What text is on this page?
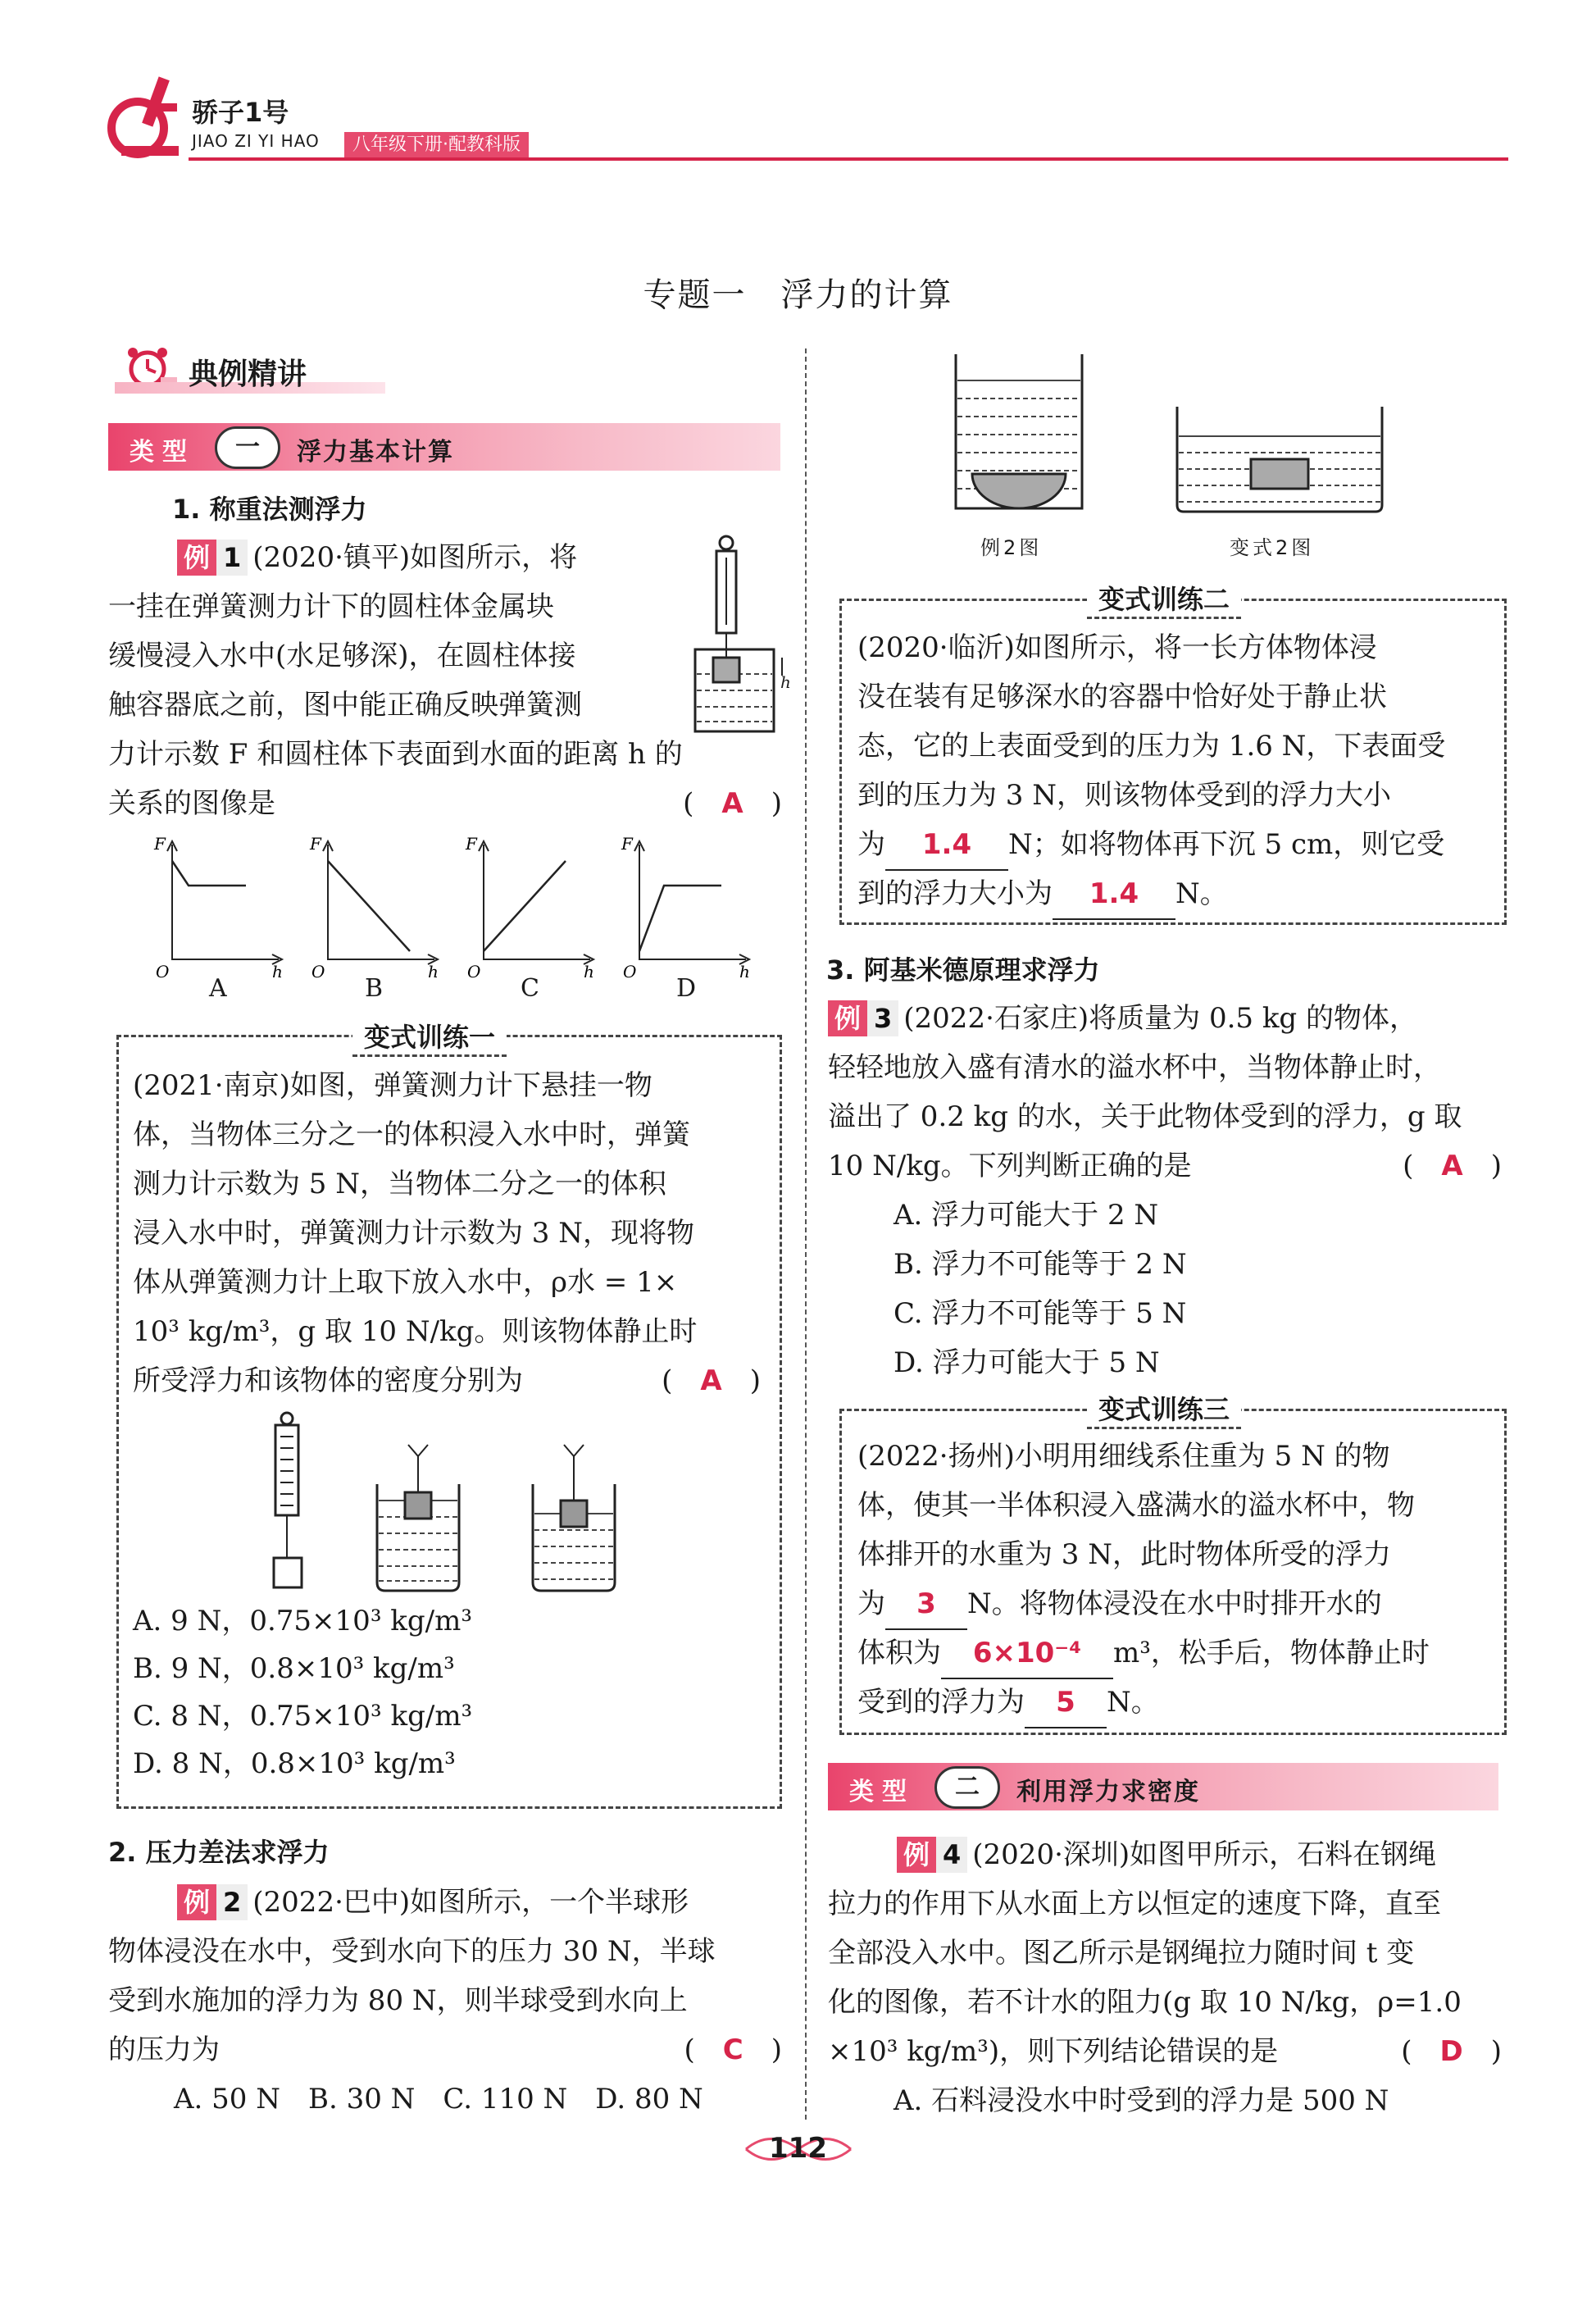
骄子1号
JIAO ZI YI HAO	八年级下册·配教科版
专题一　浮力的计算
典例精讲
类型	一	浮力基本计算
1. 称重法测浮力
例 1 (2020·镇平)如图所示，将
一挂在弹簧测力计下的圆柱体金属块
缓慢浸入水中(水足够深)，在圆柱体接
触容器底之前，图中能正确反映弹簧测
力计示数 F 和圆柱体下表面到水面的距离 h 的
关系的图像是	(　A　)
h
F
h
O
F
h
O
F
h
O
F
h
O
A	B	C	D
变式训练一
(2021·南京)如图，弹簧测力计下悬挂一物
体，当物体三分之一的体积浸入水中时，弹簧
测力计示数为 5 N，当物体二分之一的体积
浸入水中时，弹簧测力计示数为 3 N，现将物
体从弹簧测力计上取下放入水中，ρ水 = 1×
10³ kg/m³，g 取 10 N/kg。则该物体静止时
所受浮力和该物体的密度分别为	(　A　)
A. 9 N，0.75×10³ kg/m³
B. 9 N，0.8×10³ kg/m³
C. 8 N，0.75×10³ kg/m³
D. 8 N，0.8×10³ kg/m³
2. 压力差法求浮力
例 2 (2022·巴中)如图所示，一个半球形
物体浸没在水中，受到水向下的压力 30 N，半球
受到水施加的浮力为 80 N，则半球受到水向上
的压力为	(　C　)
A. 50 N　B. 30 N　C. 110 N　D. 80 N
例2图	变式2图
变式训练二
(2020·临沂)如图所示，将一长方体物体浸
没在装有足够深水的容器中恰好处于静止状
态，它的上表面受到的压力为 1.6 N，下表面受
到的压力为 3 N，则该物体受到的浮力大小
为 1.4 N；如将物体再下沉 5 cm，则它受
到的浮力大小为 1.4 N。
3. 阿基米德原理求浮力
例 3 (2022·石家庄)将质量为 0.5 kg 的物体，
轻轻地放入盛有清水的溢水杯中，当物体静止时，
溢出了 0.2 kg 的水，关于此物体受到的浮力，g 取
10 N/kg。下列判断正确的是	(　A　)
A. 浮力可能大于 2 N
B. 浮力不可能等于 2 N
C. 浮力不可能等于 5 N
D. 浮力可能大于 5 N
变式训练三
(2022·扬州)小明用细线系住重为 5 N 的物
体，使其一半体积浸入盛满水的溢水杯中，物
体排开的水重为 3 N，此时物体所受的浮力
为 3 N。将物体浸没在水中时排开水的
体积为 6×10⁻⁴ m³，松手后，物体静止时
受到的浮力为 5 N。
类型	二	利用浮力求密度
例 4 (2020·深圳)如图甲所示，石料在钢绳
拉力的作用下从水面上方以恒定的速度下降，直至
全部没入水中。图乙所示是钢绳拉力随时间 t 变
化的图像，若不计水的阻力(g 取 10 N/kg，ρ=1.0
×10³ kg/m³)，则下列结论错误的是	(　D　)
A. 石料浸没水中时受到的浮力是 500 N
112
